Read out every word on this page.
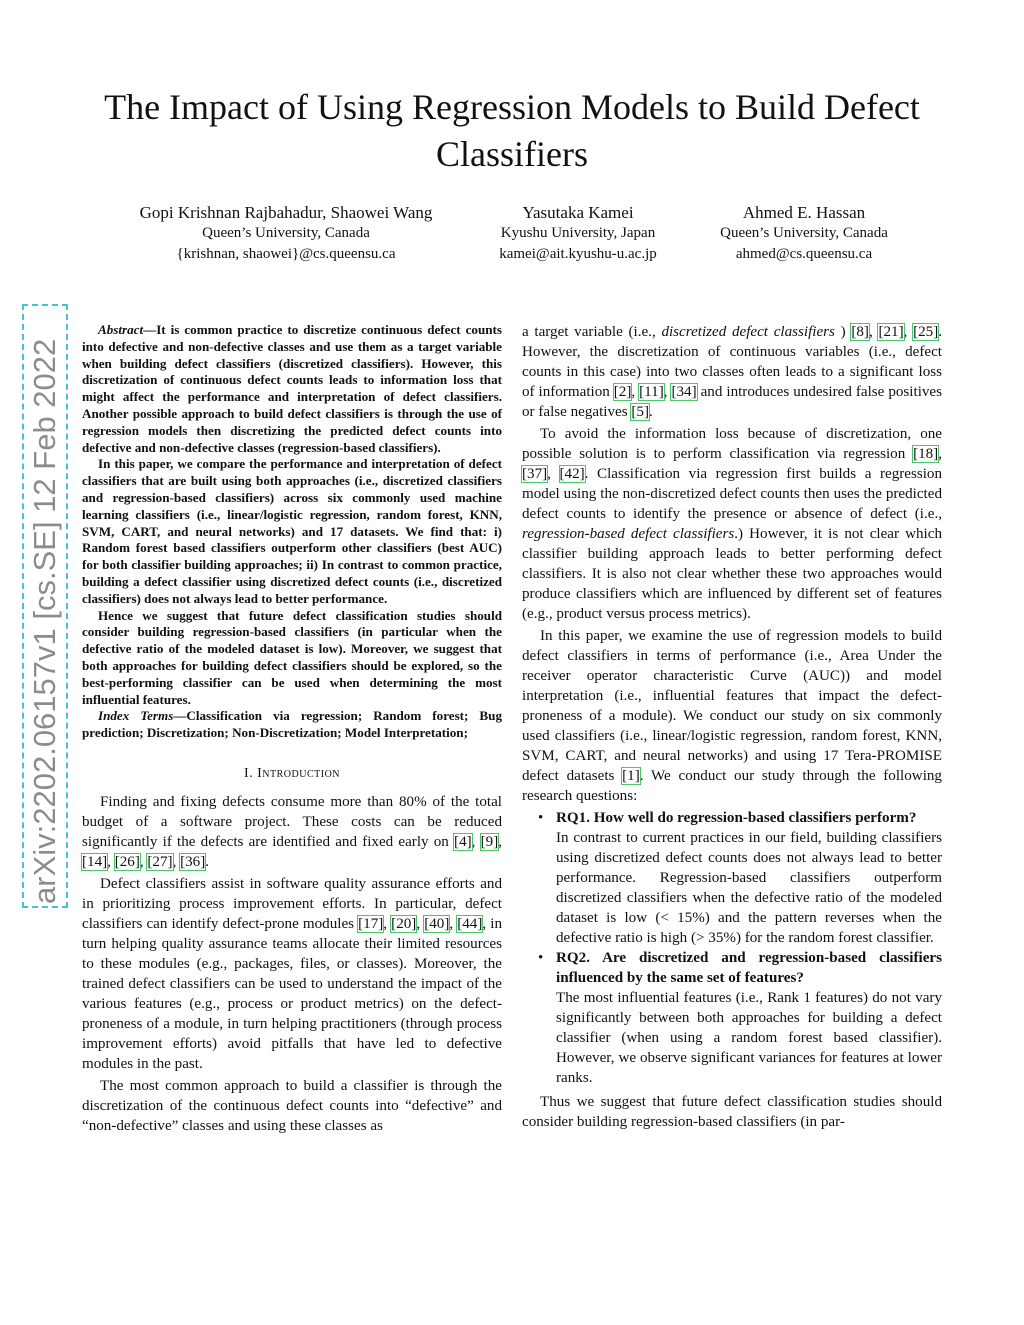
The Impact of Using Regression Models to Build Defect Classifiers
Gopi Krishnan Rajbahadur, Shaowei Wang
Queen’s University, Canada
{krishnan, shaowei}@cs.queensu.ca
Yasutaka Kamei
Kyushu University, Japan
kamei@ait.kyushu-u.ac.jp
Ahmed E. Hassan
Queen’s University, Canada
ahmed@cs.queensu.ca
arXiv:2202.06157v1 [cs.SE] 12 Feb 2022

Abstract—It is common practice to discretize continuous defect counts into defective and non-defective classes and use them as a target variable when building defect classifiers (discretized classifiers). However, this discretization of continuous defect counts leads to information loss that might affect the performance and interpretation of defect classifiers. Another possible approach to build defect classifiers is through the use of regression models then discretizing the predicted defect counts into defective and non-defective classes (regression-based classifiers).

In this paper, we compare the performance and interpretation of defect classifiers that are built using both approaches (i.e., discretized classifiers and regression-based classifiers) across six commonly used machine learning classifiers (i.e., linear/logistic regression, random forest, KNN, SVM, CART, and neural networks) and 17 datasets. We find that: i) Random forest based classifiers outperform other classifiers (best AUC) for both classifier building approaches; ii) In contrast to common practice, building a defect classifier using discretized defect counts (i.e., discretized classifiers) does not always lead to better performance.

Hence we suggest that future defect classification studies should consider building regression-based classifiers (in particular when the defective ratio of the modeled dataset is low). Moreover, we suggest that both approaches for building defect classifiers should be explored, so the best-performing classifier can be used when determining the most influential features.

Index Terms—Classification via regression; Random forest; Bug prediction; Discretization; Non-Discretization; Model Interpretation;

I. Introduction

Finding and fixing defects consume more than 80% of the total budget of a software project. These costs can be reduced significantly if the defects are identified and fixed early on [4], [9], [14], [26], [27], [36].

Defect classifiers assist in software quality assurance efforts and in prioritizing process improvement efforts. In particular, defect classifiers can identify defect-prone modules [17], [20], [40], [44], in turn helping quality assurance teams allocate their limited resources to these modules (e.g., packages, files, or classes). Moreover, the trained defect classifiers can be used to understand the impact of the various features (e.g., process or product metrics) on the defect-proneness of a module, in turn helping practitioners (through process improvement efforts) avoid pitfalls that have led to defective modules in the past.

The most common approach to build a classifier is through the discretization of the continuous defect counts into “defective” and “non-defective” classes and using these classes as

a target variable (i.e., discretized defect classifiers ) [8], [21], [25]. However, the discretization of continuous variables (i.e., defect counts in this case) into two classes often leads to a significant loss of information [2], [11], [34] and introduces undesired false positives or false negatives [5].

To avoid the information loss because of discretization, one possible solution is to perform classification via regression [18], [37], [42]. Classification via regression first builds a regression model using the non-discretized defect counts then uses the predicted defect counts to identify the presence or absence of defect (i.e., regression-based defect classifiers.) However, it is not clear which classifier building approach leads to better performing defect classifiers. It is also not clear whether these two approaches would produce classifiers which are influenced by different set of features (e.g., product versus process metrics).

In this paper, we examine the use of regression models to build defect classifiers in terms of performance (i.e., Area Under the receiver operator characteristic Curve (AUC)) and model interpretation (i.e., influential features that impact the defect-proneness of a module). We conduct our study on six commonly used classifiers (i.e., linear/logistic regression, random forest, KNN, SVM, CART, and neural networks) and using 17 Tera-PROMISE defect datasets [1]. We conduct our study through the following research questions:

• RQ1. How well do regression-based classifiers perform?
In contrast to current practices in our field, building classifiers using discretized defect counts does not always lead to better performance. Regression-based classifiers outperform discretized classifiers when the defective ratio of the modeled dataset is low (< 15%) and the pattern reverses when the defective ratio is high (> 35%) for the random forest classifier.
• RQ2. Are discretized and regression-based classifiers influenced by the same set of features?
The most influential features (i.e., Rank 1 features) do not vary significantly between both approaches for building a defect classifier (when using a random forest based classifier). However, we observe significant variances for features at lower ranks.

Thus we suggest that future defect classification studies should consider building regression-based classifiers (in par-
